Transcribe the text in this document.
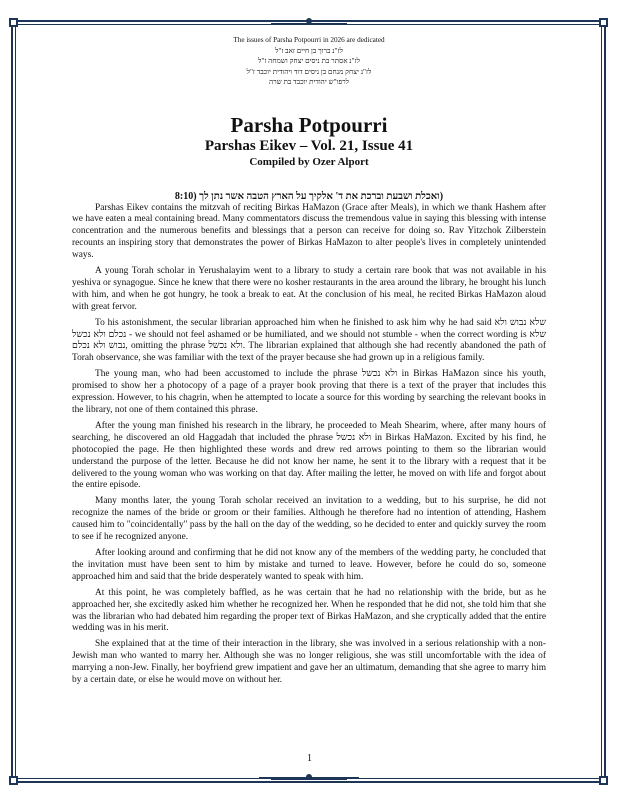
The issues of Parsha Potpourri in 2026 are dedicated
לז"נ ברוך בן חיים זאב ז"ל
לז"נ אסתר בת ניסים יצחק ושמחה ז"ל
לז"נ יצחק מנחם בן ניסים דוד ויהודית יוכבד ז"ל
לרפו"ש יהודית יוכבד בת שרה
Parsha Potpourri
Parshas Eikev – Vol. 21, Issue 41
Compiled by Ozer Alport
(ואכלת ושבעת וברכת את ד' אלקיך על הארץ הטבה אשר נתן לך (8:10

Parshas Eikev contains the mitzvah of reciting Birkas HaMazon (Grace after Meals), in which we thank Hashem after we have eaten a meal containing bread. Many commentators discuss the tremendous value in saying this blessing with intense concentration and the numerous benefits and blessings that a person can receive for doing so. Rav Yitzchok Zilberstein recounts an inspiring story that demonstrates the power of Birkas HaMazon to alter people's lives in completely unintended ways.

A young Torah scholar in Yerushalayim went to a library to study a certain rare book that was not available in his yeshiva or synagogue. Since he knew that there were no kosher restaurants in the area around the library, he brought his lunch with him, and when he got hungry, he took a break to eat. At the conclusion of his meal, he recited Birkas HaMazon aloud with great fervor.

To his astonishment, the secular librarian approached him when he finished to ask him why he had said שלא נבוש ולא נכלם ולא נכשל - we should not feel ashamed or be humiliated, and we should not stumble - when the correct wording is שלא נבוש ולא נכלם, omitting the phrase ולא נכשל. The librarian explained that although she had recently abandoned the path of Torah observance, she was familiar with the text of the prayer because she had grown up in a religious family.

The young man, who had been accustomed to include the phrase ולא נכשל in Birkas HaMazon since his youth, promised to show her a photocopy of a page of a prayer book proving that there is a text of the prayer that includes this expression. However, to his chagrin, when he attempted to locate a source for this wording by searching the relevant books in the library, not one of them contained this phrase.

After the young man finished his research in the library, he proceeded to Meah Shearim, where, after many hours of searching, he discovered an old Haggadah that included the phrase ולא נכשל in Birkas HaMazon. Excited by his find, he photocopied the page. He then highlighted these words and drew red arrows pointing to them so the librarian would understand the purpose of the letter. Because he did not know her name, he sent it to the library with a request that it be delivered to the young woman who was working on that day. After mailing the letter, he moved on with life and forgot about the entire episode.

Many months later, the young Torah scholar received an invitation to a wedding, but to his surprise, he did not recognize the names of the bride or groom or their families. Although he therefore had no intention of attending, Hashem caused him to "coincidentally" pass by the hall on the day of the wedding, so he decided to enter and quickly survey the room to see if he recognized anyone.

After looking around and confirming that he did not know any of the members of the wedding party, he concluded that the invitation must have been sent to him by mistake and turned to leave. However, before he could do so, someone approached him and said that the bride desperately wanted to speak with him.

At this point, he was completely baffled, as he was certain that he had no relationship with the bride, but as he approached her, she excitedly asked him whether he recognized her. When he responded that he did not, she told him that she was the librarian who had debated him regarding the proper text of Birkas HaMazon, and she cryptically added that the entire wedding was in his merit.

She explained that at the time of their interaction in the library, she was involved in a serious relationship with a non-Jewish man who wanted to marry her. Although she was no longer religious, she was still uncomfortable with the idea of marrying a non-Jew. Finally, her boyfriend grew impatient and gave her an ultimatum, demanding that she agree to marry him by a certain date, or else he would move on without her.

1
